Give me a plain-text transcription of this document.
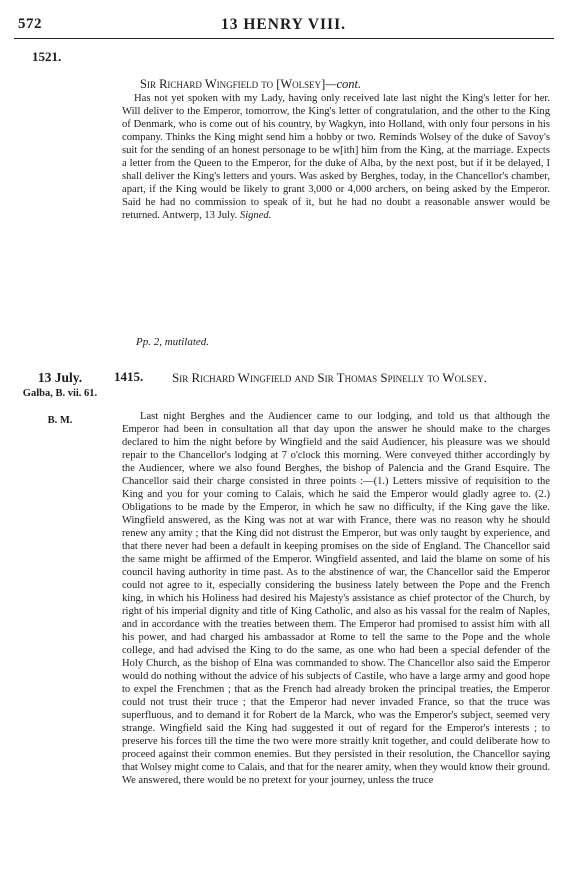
572	13 HENRY VIII.
1521.
Sir Richard Wingfield to [Wolsey]—cont.

Has not yet spoken with my Lady, having only received late last night the King's letter for her. Will deliver to the Emperor, tomorrow, the King's letter of congratulation, and the other to the King of Denmark, who is come out of his country, by Wagkyn, into Holland, with only four persons in his company. Thinks the King might send him a hobby or two. Reminds Wolsey of the duke of Savoy's suit for the sending of an honest personage to be w[ith] him from the King, at the marriage. Expects a letter from the Queen to the Emperor, for the duke of Alba, by the next post, but if it be delayed, I shall deliver the King's letters and yours. Was asked by Berghes, today, in the Chancellor's chamber, apart, if the King would be likely to grant 3,000 or 4,000 archers, on being asked by the Emperor. Said he had no commission to speak of it, but he had no doubt a reasonable answer would be returned. Antwerp, 13 July. Signed.

Pp. 2, mutilated.
13 July.
Galba, B. vii. 61.
B. M.
1415. Sir Richard Wingfield and Sir Thomas Spinelly to Wolsey.

Last night Berghes and the Audiencer came to our lodging, and told us that although the Emperor had been in consultation all that day upon the answer he should make to the charges declared to him the night before by Wingfield and the said Audiencer, his pleasure was we should repair to the Chancellor's lodging at 7 o'clock this morning. Were conveyed thither accordingly by the Audiencer, where we also found Berghes, the bishop of Palencia and the Grand Esquire. The Chancellor said their charge consisted in three points :—(1.) Letters missive of requisition to the King and you for your coming to Calais, which he said the Emperor would gladly agree to. (2.) Obligations to be made by the Emperor, in which he saw no difficulty, if the King gave the like. Wingfield answered, as the King was not at war with France, there was no reason why he should renew any amity ; that the King did not distrust the Emperor, but was only taught by experience, and that there never had been a default in keeping promises on the side of England. The Chancellor said the same might be affirmed of the Emperor. Wingfield assented, and laid the blame on some of his council having authority in time past. As to the abstinence of war, the Chancellor said the Emperor could not agree to it, especially considering the business lately between the Pope and the French king, in which his Holiness had desired his Majesty's assistance as chief protector of the Church, by right of his imperial dignity and title of King Catholic, and also as his vassal for the realm of Naples, and in accordance with the treaties between them. The Emperor had promised to assist him with all his power, and had charged his ambassador at Rome to tell the same to the Pope and the whole college, and had advised the King to do the same, as one who had been a special defender of the Holy Church, as the bishop of Elna was commanded to show. The Chancellor also said the Emperor would do nothing without the advice of his subjects of Castile, who have a large army and good hope to expel the Frenchmen ; that as the French had already broken the principal treaties, the Emperor could not trust their truce ; that the Emperor had never invaded France, so that the truce was superfluous, and to demand it for Robert de la Marck, who was the Emperor's subject, seemed very strange. Wingfield said the King had suggested it out of regard for the Emperor's interests ; to preserve his forces till the time the two were more straitly knit together, and could deliberate how to proceed against their common enemies. But they persisted in their resolution, the Chancellor saying that Wolsey might come to Calais, and that for the nearer amity, when they would know their ground. We answered, there would be no pretext for your journey, unless the truce
